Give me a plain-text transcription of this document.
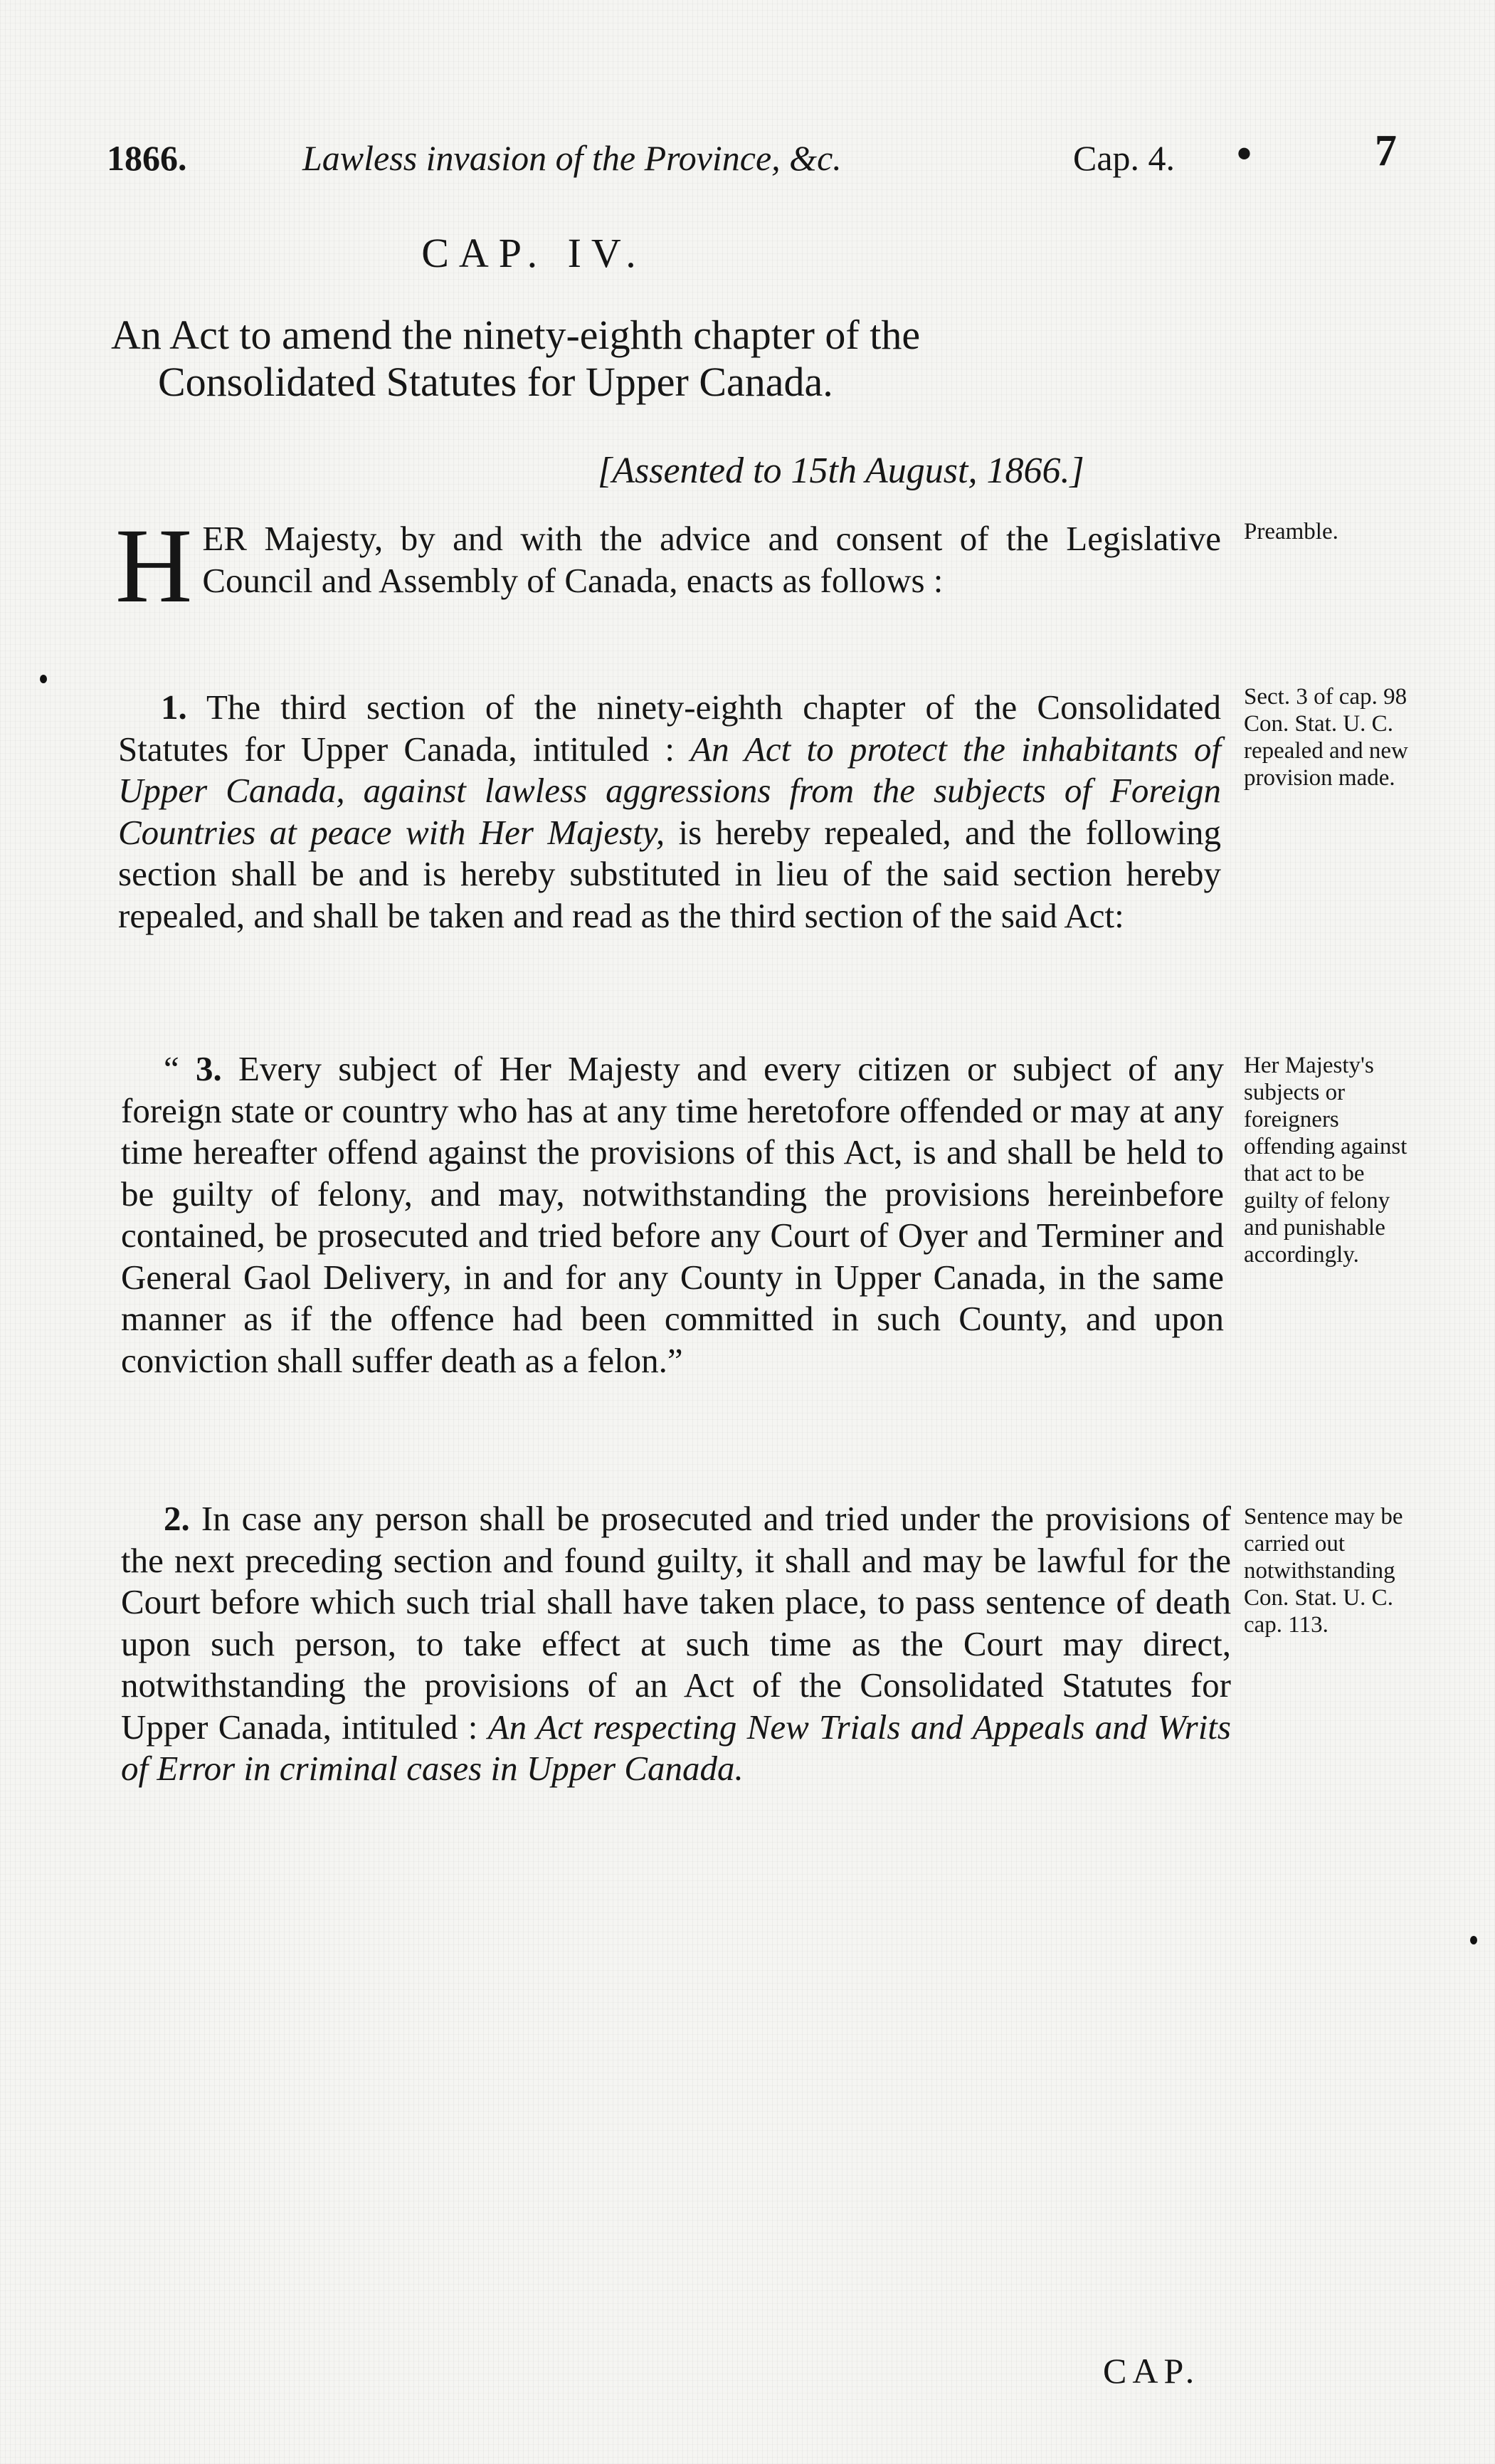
1866.	Lawless invasion of the Province, &c.	Cap. 4. •	7
CAP. IV.
An Act to amend the ninety-eighth chapter of the
Consolidated Statutes for Upper Canada.
[Assented to 15th August, 1866.]

HER Majesty, by and with the advice and consent of the Legislative Council and Assembly of Canada, enacts as follows :

Preamble.

1. The third section of the ninety-eighth chapter of the Consolidated Statutes for Upper Canada, intituled : An Act to protect the inhabitants of Upper Canada, against lawless aggressions from the subjects of Foreign Countries at peace with Her Majesty, is hereby repealed, and the following section shall be and is hereby substituted in lieu of the said section hereby repealed, and shall be taken and read as the third section of the said Act:

Sect. 3 of cap. 98 Con. Stat. U. C. repealed and new provision made.

“ 3. Every subject of Her Majesty and every citizen or subject of any foreign state or country who has at any time heretofore offended or may at any time hereafter offend against the provisions of this Act, is and shall be held to be guilty of felony, and may, notwithstanding the provisions hereinbefore contained, be prosecuted and tried before any Court of Oyer and Terminer and General Gaol Delivery, in and for any County in Upper Canada, in the same manner as if the offence had been committed in such County, and upon conviction shall suffer death as a felon.”

Her Majesty's subjects or foreigners offending against that act to be guilty of felony and punishable accordingly.

2. In case any person shall be prosecuted and tried under the provisions of the next preceding section and found guilty, it shall and may be lawful for the Court before which such trial shall have taken place, to pass sentence of death upon such person, to take effect at such time as the Court may direct, notwithstanding the provisions of an Act of the Consolidated Statutes for Upper Canada, intituled : An Act respecting New Trials and Appeals and Writs of Error in criminal cases in Upper Canada.

Sentence may be carried out notwithstanding Con. Stat. U. C. cap. 113.
CAP.
